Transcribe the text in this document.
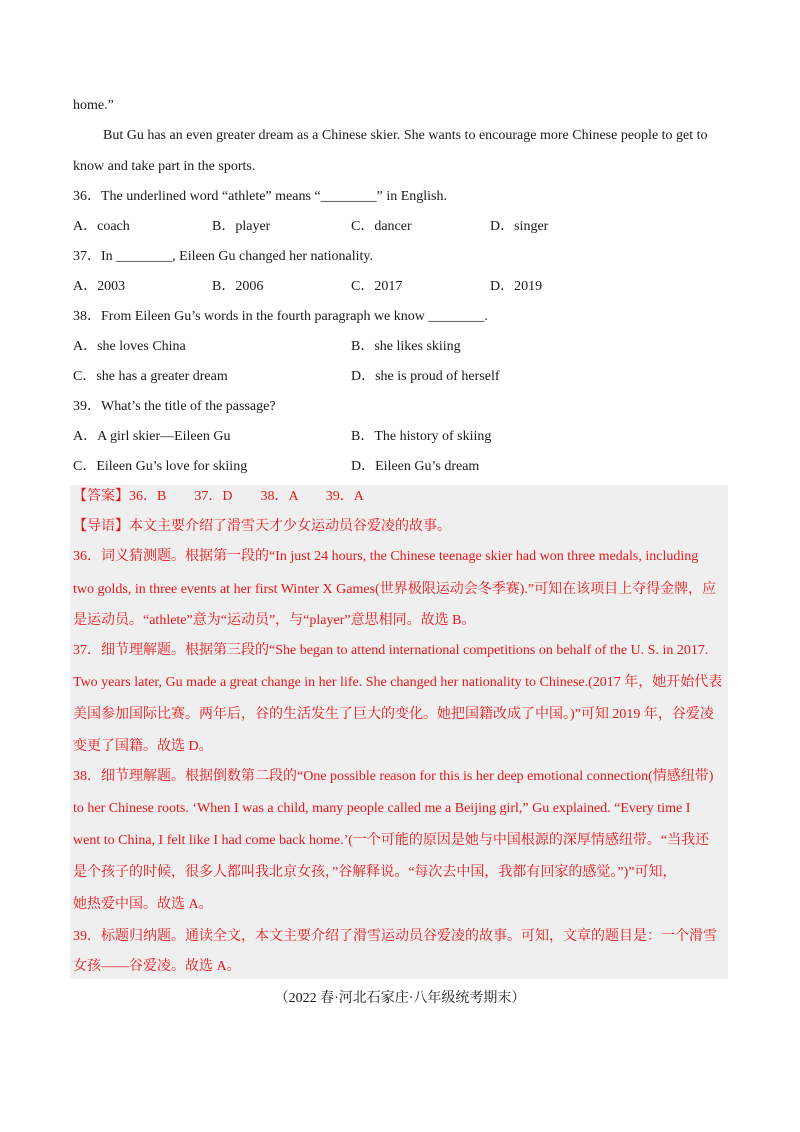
home.”
But Gu has an even greater dream as a Chinese skier. She wants to encourage more Chinese people to get to
know and take part in the sports.
36．The underlined word “athlete” means “________” in English.
A．coach	B．player	C．dancer	D．singer
37．In ________, Eileen Gu changed her nationality.
A．2003	B．2006	C．2017	D．2019
38．From Eileen Gu’s words in the fourth paragraph we know ________.
A．she loves China	B．she likes skiing
C．she has a greater dream	D．she is proud of herself
39．What’s the title of the passage?
A．A girl skier—Eileen Gu	B．The history of skiing
C．Eileen Gu’s love for skiing	D．Eileen Gu’s dream
【答案】36．B　　37．D　　38．A　　39．A
【导语】本文主要介绍了滑雪天才少女运动员谷爱凌的故事。
36．词义猜测题。根据第一段的“In just 24 hours, the Chinese teenage skier had won three medals, including
two golds, in three events at her first Winter X Games(世界极限运动会冬季赛).”可知在该项目上夺得金牌，应
是运动员。“athlete”意为“运动员”，与“player”意思相同。故选 B。
37．细节理解题。根据第三段的“She began to attend international competitions on behalf of the U. S. in 2017.
Two years later, Gu made a great change in her life. She changed her nationality to Chinese.(2017 年，她开始代表
美国参加国际比赛。两年后，谷的生活发生了巨大的变化。她把国籍改成了中国。)”可知 2019 年，谷爱凌
变更了国籍。故选 D。
38．细节理解题。根据倒数第二段的“One possible reason for this is her deep emotional connection(情感纽带)
to her Chinese roots. ‘When I was a child, many people called me a Beijing girl,” Gu explained. “Every time I
went to China, I felt like I had come back home.’(一个可能的原因是她与中国根源的深厚情感纽带。“当我还
是个孩子的时候，很多人都叫我北京女孩，”谷解释说。“每次去中国，我都有回家的感觉。”)”可知，
她热爱中国。故选 A。
39．标题归纳题。通读全文，本文主要介绍了滑雪运动员谷爱凌的故事。可知，文章的题目是：一个滑雪
女孩——谷爱凌。故选 A。
（2022 春·河北石家庄·八年级统考期末）
